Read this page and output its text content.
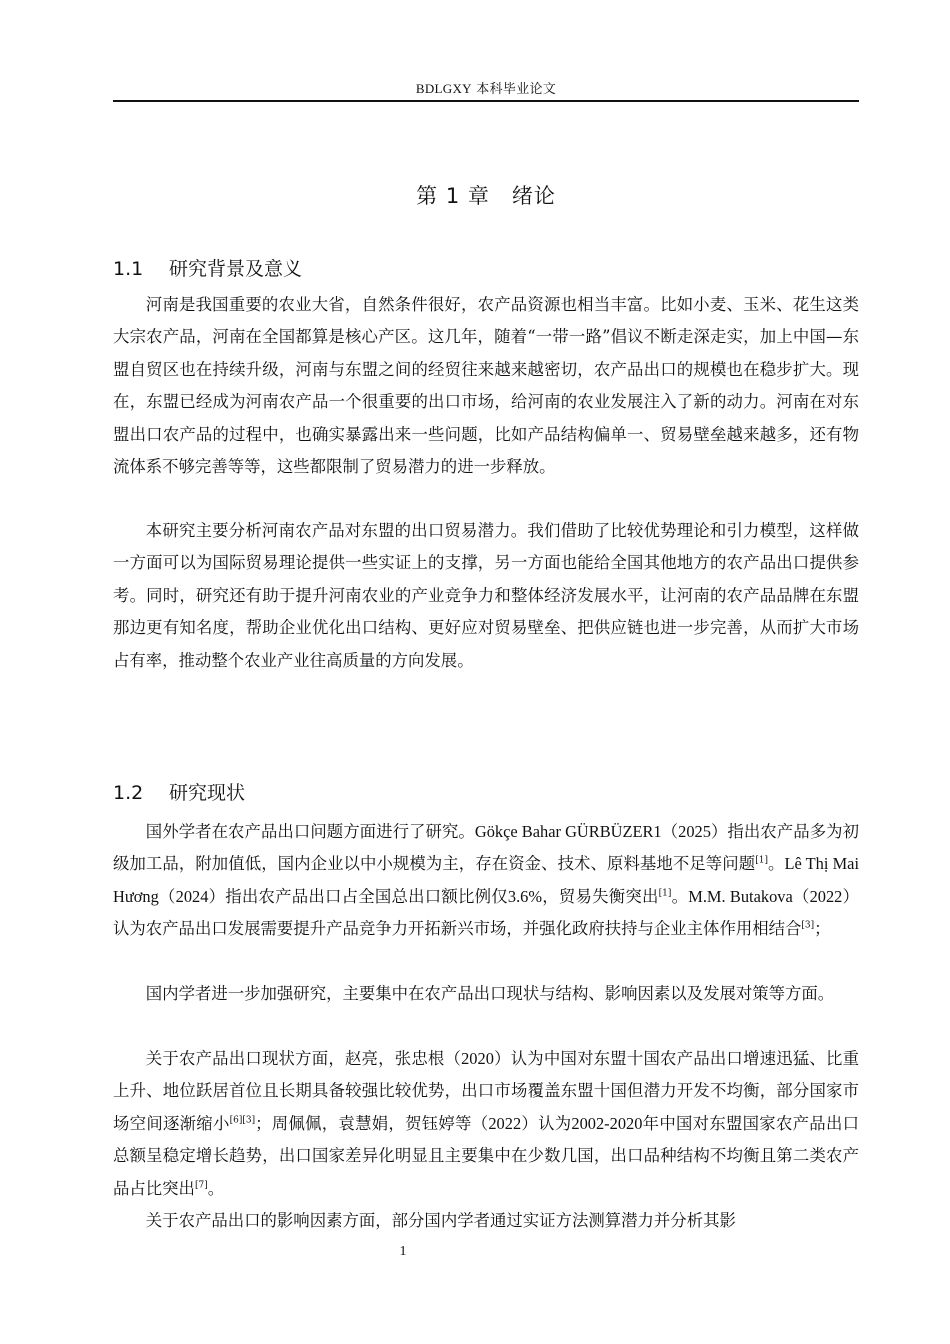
BDLGXY 本科毕业论文
第 1 章　绪论
1.1 研究背景及意义

河南是我国重要的农业大省，自然条件很好，农产品资源也相当丰富。比如小麦、玉米、花生这类大宗农产品，河南在全国都算是核心产区。这几年，随着“一带一路”倡议不断走深走实，加上中国—东盟自贸区也在持续升级，河南与东盟之间的经贸往来越来越密切，农产品出口的规模也在稳步扩大。现在，东盟已经成为河南农产品一个很重要的出口市场，给河南的农业发展注入了新的动力。河南在对东盟出口农产品的过程中，也确实暴露出来一些问题，比如产品结构偏单一、贸易壁垒越来越多，还有物流体系不够完善等等，这些都限制了贸易潜力的进一步释放。

本研究主要分析河南农产品对东盟的出口贸易潜力。我们借助了比较优势理论和引力模型，这样做一方面可以为国际贸易理论提供一些实证上的支撑，另一方面也能给全国其他地方的农产品出口提供参考。同时，研究还有助于提升河南农业的产业竞争力和整体经济发展水平，让河南的农产品品牌在东盟那边更有知名度，帮助企业优化出口结构、更好应对贸易壁垒、把供应链也进一步完善，从而扩大市场占有率，推动整个农业产业往高质量的方向发展。

1.2 研究现状

国外学者在农产品出口问题方面进行了研究。Gökçe Bahar GÜRBÜZER1（2025）指出农产品多为初级加工品，附加值低，国内企业以中小规模为主，存在资金、技术、原料基地不足等问题[1]。Lê Thị Mai Hương（2024）指出农产品出口占全国总出口额比例仅3.6%，贸易失衡突出[1]。M.M. Butakova（2022）认为农产品出口发展需要提升产品竞争力开拓新兴市场，并强化政府扶持与企业主体作用相结合[3]；

国内学者进一步加强研究，主要集中在农产品出口现状与结构、影响因素以及发展对策等方面。

关于农产品出口现状方面，赵亮，张忠根（2020）认为中国对东盟十国农产品出口增速迅猛、比重上升、地位跃居首位且长期具备较强比较优势，出口市场覆盖东盟十国但潜力开发不均衡，部分国家市场空间逐渐缩小[6][3]；周佩佩，袁慧娟，贺钰婷等（2022）认为2002-2020年中国对东盟国家农产品出口总额呈稳定增长趋势，出口国家差异化明显且主要集中在少数几国，出口品种结构不均衡且第二类农产品占比突出[7]。

关于农产品出口的影响因素方面，部分国内学者通过实证方法测算潜力并分析其影

1
